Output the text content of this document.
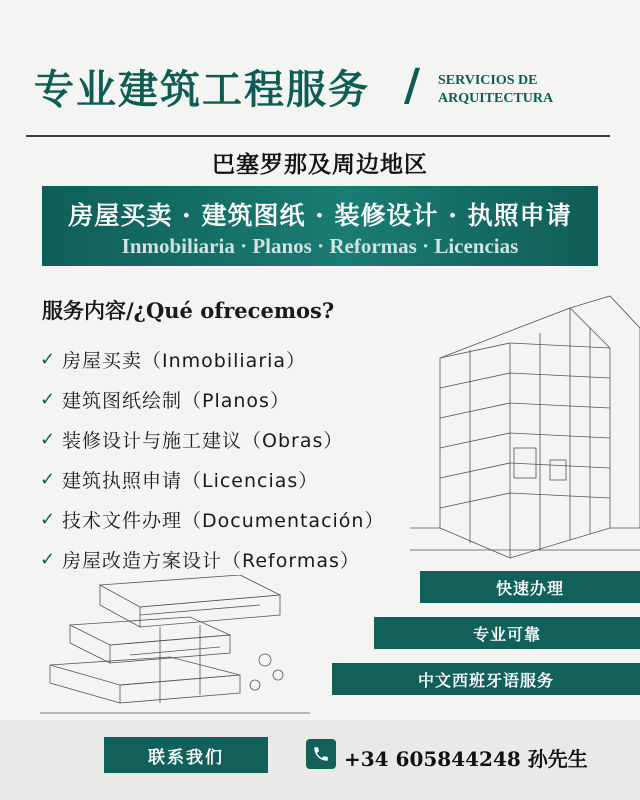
专业建筑工程服务 / SERVICIOS DE
ARQUITECTURA
巴塞罗那及周边地区
房屋买卖 · 建筑图纸 · 装修设计 · 执照申请
Inmobiliaria · Planos · Reformas · Licencias
服务内容/¿Qué ofrecemos?
✓ 房屋买卖（Inmobiliaria）
✓ 建筑图纸绘制（Planos）
✓ 装修设计与施工建议（Obras）
✓ 建筑执照申请（Licencias）
✓ 技术文件办理（Documentación）
✓ 房屋改造方案设计（Reformas）
快速办理
专业可靠
中文西班牙语服务
联系我们	+34 605844248 孙先生
